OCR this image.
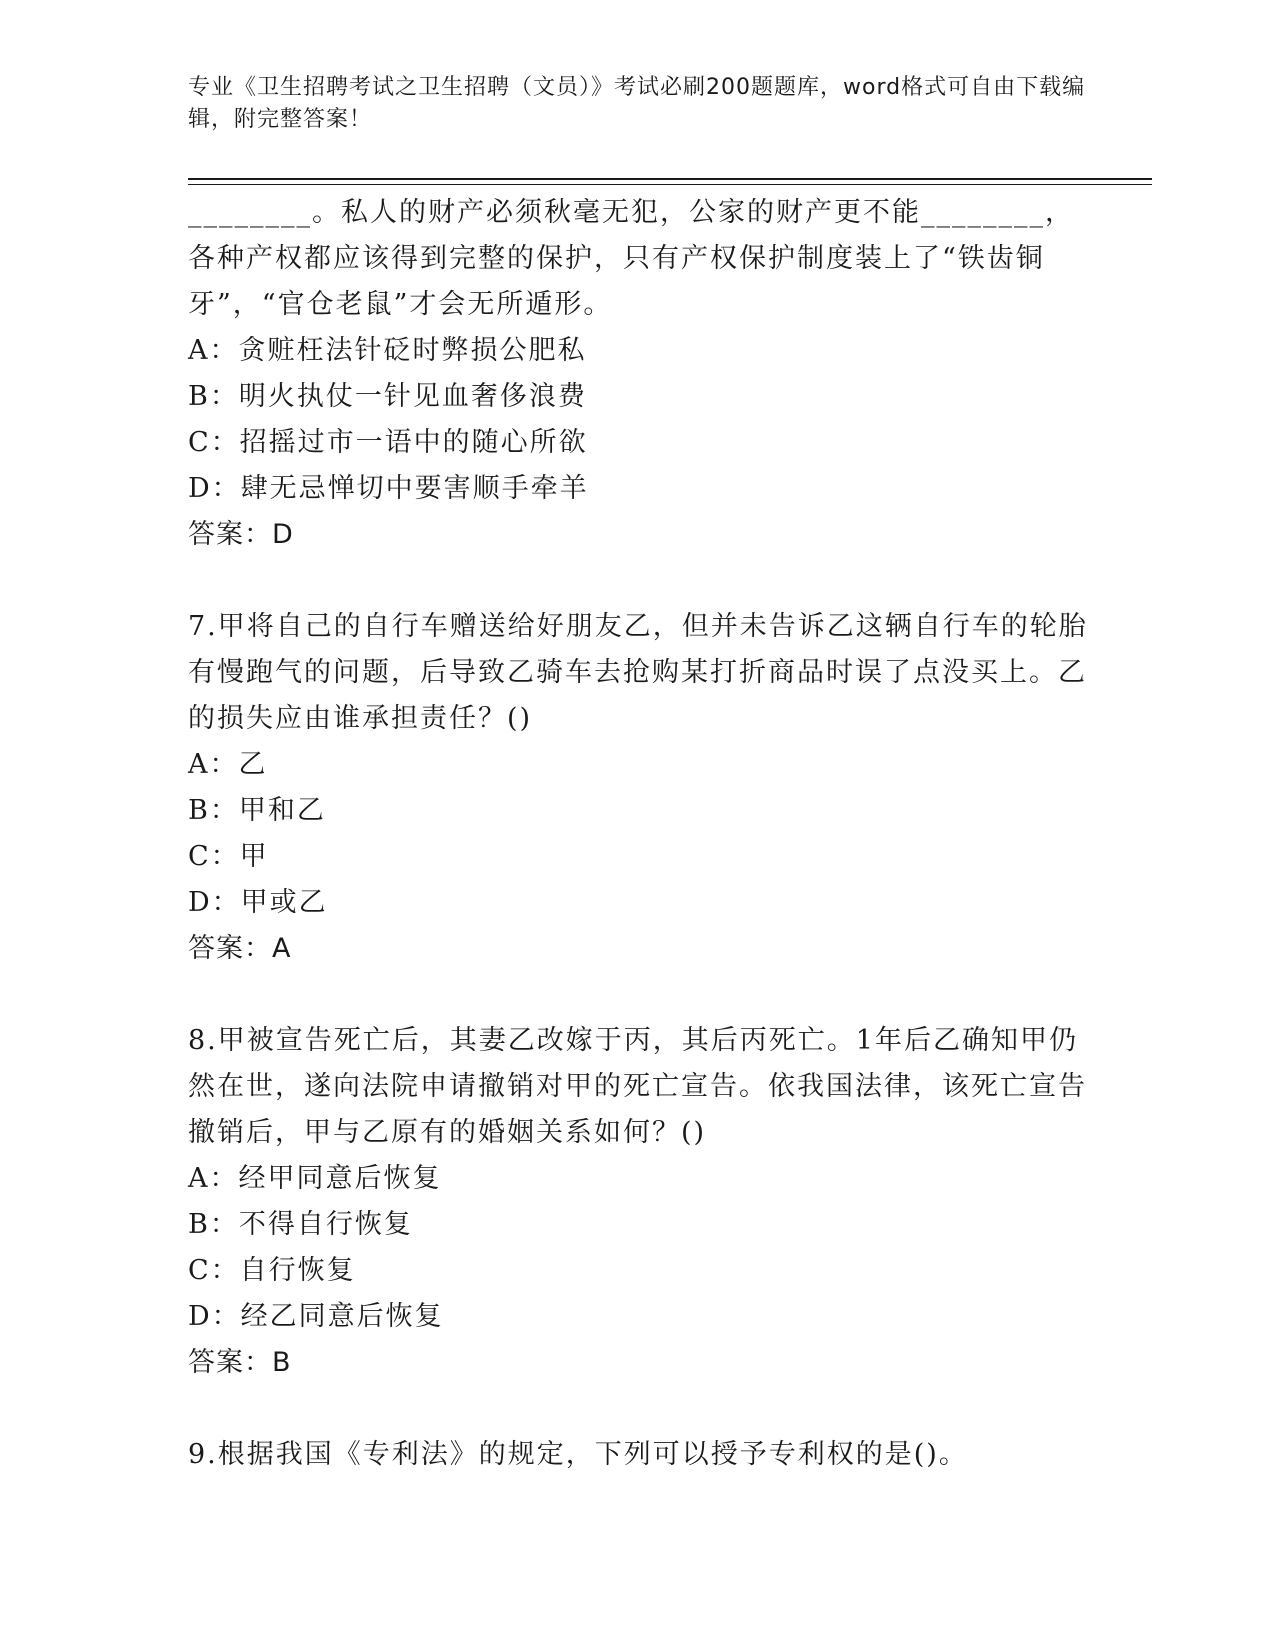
专业《卫生招聘考试之卫生招聘（文员）》考试必刷200题题库，word格式可自由下载编辑，附完整答案！

________。私人的财产必须秋毫无犯，公家的财产更不能________，各种产权都应该得到完整的保护，只有产权保护制度装上了“铁齿铜牙”，“官仓老鼠”才会无所遁形。

A：贪赃枉法针砭时弊损公肥私

B：明火执仗一针见血奢侈浪费

C：招摇过市一语中的随心所欲

D：肆无忌惮切中要害顺手牵羊

答案：D

7.甲将自己的自行车赠送给好朋友乙，但并未告诉乙这辆自行车的轮胎有慢跑气的问题，后导致乙骑车去抢购某打折商品时误了点没买上。乙的损失应由谁承担责任？()

A：乙

B：甲和乙

C：甲

D：甲或乙

答案：A

8.甲被宣告死亡后，其妻乙改嫁于丙，其后丙死亡。1年后乙确知甲仍然在世，遂向法院申请撤销对甲的死亡宣告。依我国法律，该死亡宣告撤销后，甲与乙原有的婚姻关系如何？()

A：经甲同意后恢复

B：不得自行恢复

C：自行恢复

D：经乙同意后恢复

答案：B

9.根据我国《专利法》的规定，下列可以授予专利权的是()。
